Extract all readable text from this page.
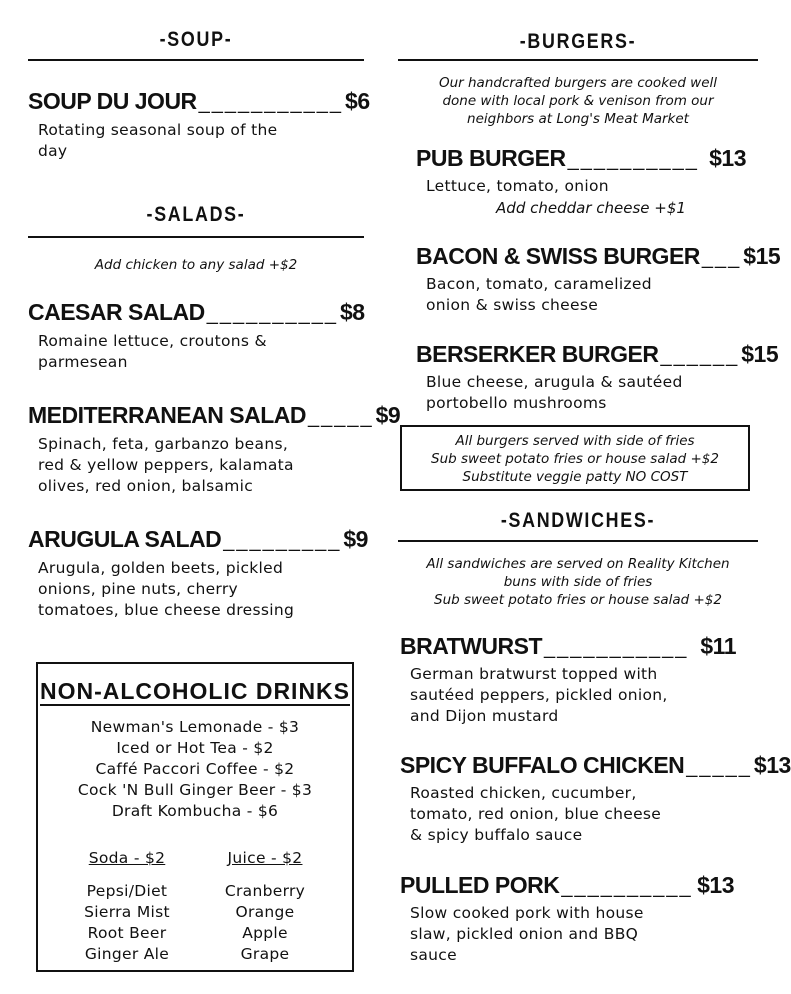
-SOUP-
SOUP DU JOUR ___________ $6
Rotating seasonal soup of the
day
-SALADS-
Add chicken to any salad +$2
CAESAR SALAD __________ $8
Romaine lettuce, croutons &
parmesean
MEDITERRANEAN SALAD _____ $9
Spinach, feta, garbanzo beans,
red & yellow peppers, kalamata
olives, red onion, balsamic
ARUGULA SALAD _________ $9
Arugula, golden beets, pickled
onions, pine nuts, cherry
tomatoes, blue cheese dressing
NON-ALCOHOLIC DRINKS
Newman's Lemonade - $3
Iced or Hot Tea - $2
Caffé Paccori Coffee - $2
Cock 'N Bull Ginger Beer - $3
Draft Kombucha - $6
Soda - $2
Pepsi/Diet
Sierra Mist
Root Beer
Ginger Ale
Juice - $2
Cranberry
Orange
Apple
Grape
-BURGERS-
Our handcrafted burgers are cooked well
done with local pork & venison from our
neighbors at Long's Meat Market
PUB BURGER __________ $13
Lettuce, tomato, onion
Add cheddar cheese +$1
BACON & SWISS BURGER ___ $15
Bacon, tomato, caramelized
onion & swiss cheese
BERSERKER BURGER ______ $15
Blue cheese, arugula & sautéed
portobello mushrooms
All burgers served with side of fries
Sub sweet potato fries or house salad +$2
Substitute veggie patty NO COST
-SANDWICHES-
All sandwiches are served on Reality Kitchen
buns with side of fries
Sub sweet potato fries or house salad +$2
BRATWURST ___________ $11
German bratwurst topped with
sautéed peppers, pickled onion,
and Dijon mustard
SPICY BUFFALO CHICKEN _____ $13
Roasted chicken, cucumber,
tomato, red onion, blue cheese
& spicy buffalo sauce
PULLED PORK __________ $13
Slow cooked pork with house
slaw, pickled onion and BBQ
sauce
